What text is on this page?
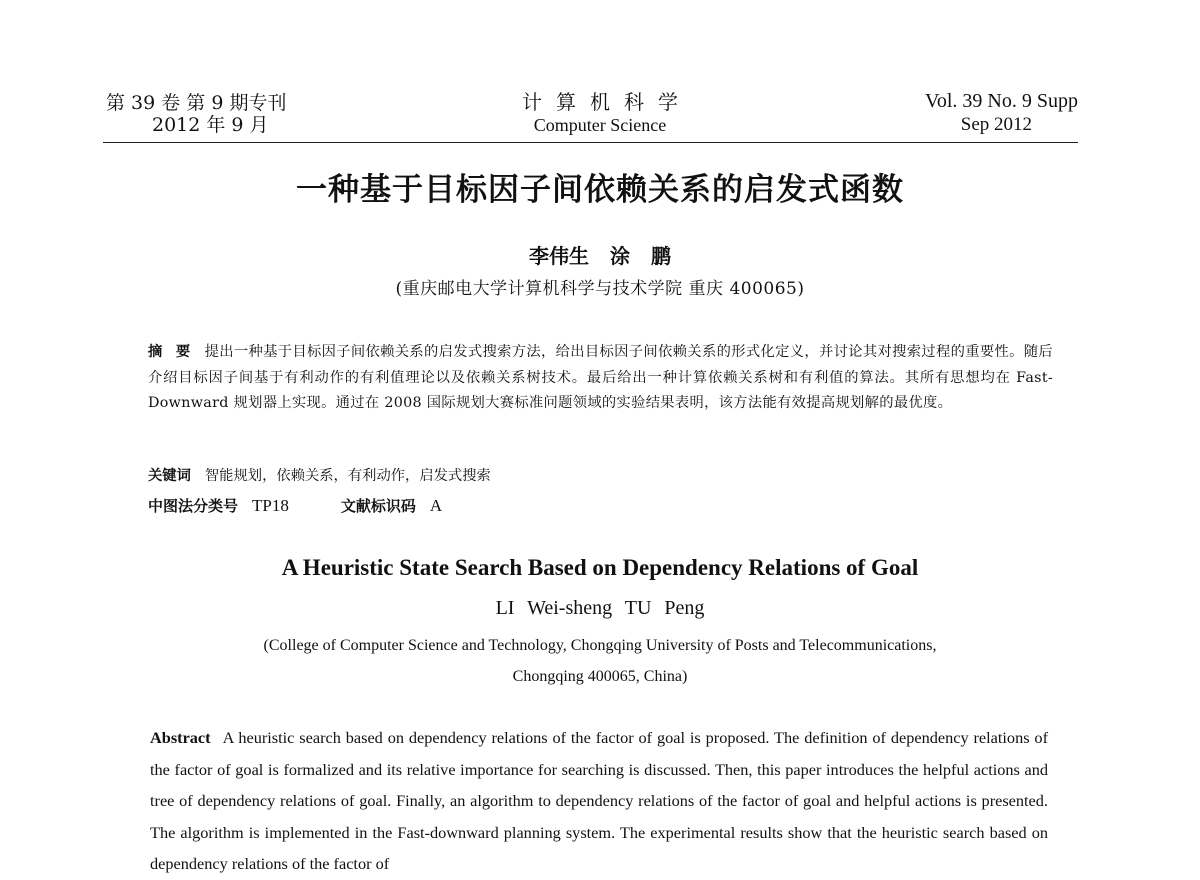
第 39 卷 第 9 期专刊
2012 年 9 月
计算机科学
Computer Science
Vol. 39 No. 9 Supp
Sep 2012
一种基于目标因子间依赖关系的启发式函数
李伟生 涂 鹏
(重庆邮电大学计算机科学与技术学院 重庆 400065)
摘 要 提出一种基于目标因子间依赖关系的启发式搜索方法，给出目标因子间依赖关系的形式化定义，并讨论其对搜索过程的重要性。随后介绍目标因子间基于有利动作的有利值理论以及依赖关系树技术。最后给出一种计算依赖关系树和有利值的算法。其所有思想均在 Fast-Downward 规划器上实现。通过在 2008 国际规划大赛标准问题领域的实验结果表明，该方法能有效提高规划解的最优度。
关键词 智能规划，依赖关系，有利动作，启发式搜索
中图法分类号 TP18	文献标识码 A
A Heuristic State Search Based on Dependency Relations of Goal
LI Wei-sheng TU Peng
(College of Computer Science and Technology, Chongqing University of Posts and Telecommunications,
Chongqing 400065, China)
Abstract A heuristic search based on dependency relations of the factor of goal is proposed. The definition of dependency relations of the factor of goal is formalized and its relative importance for searching is discussed. Then, this paper introduces the helpful actions and tree of dependency relations of goal. Finally, an algorithm to dependency relations of the factor of goal and helpful actions is presented. The algorithm is implemented in the Fast-downward planning system. The experimental results show that the heuristic search based on dependency relations of the factor of
